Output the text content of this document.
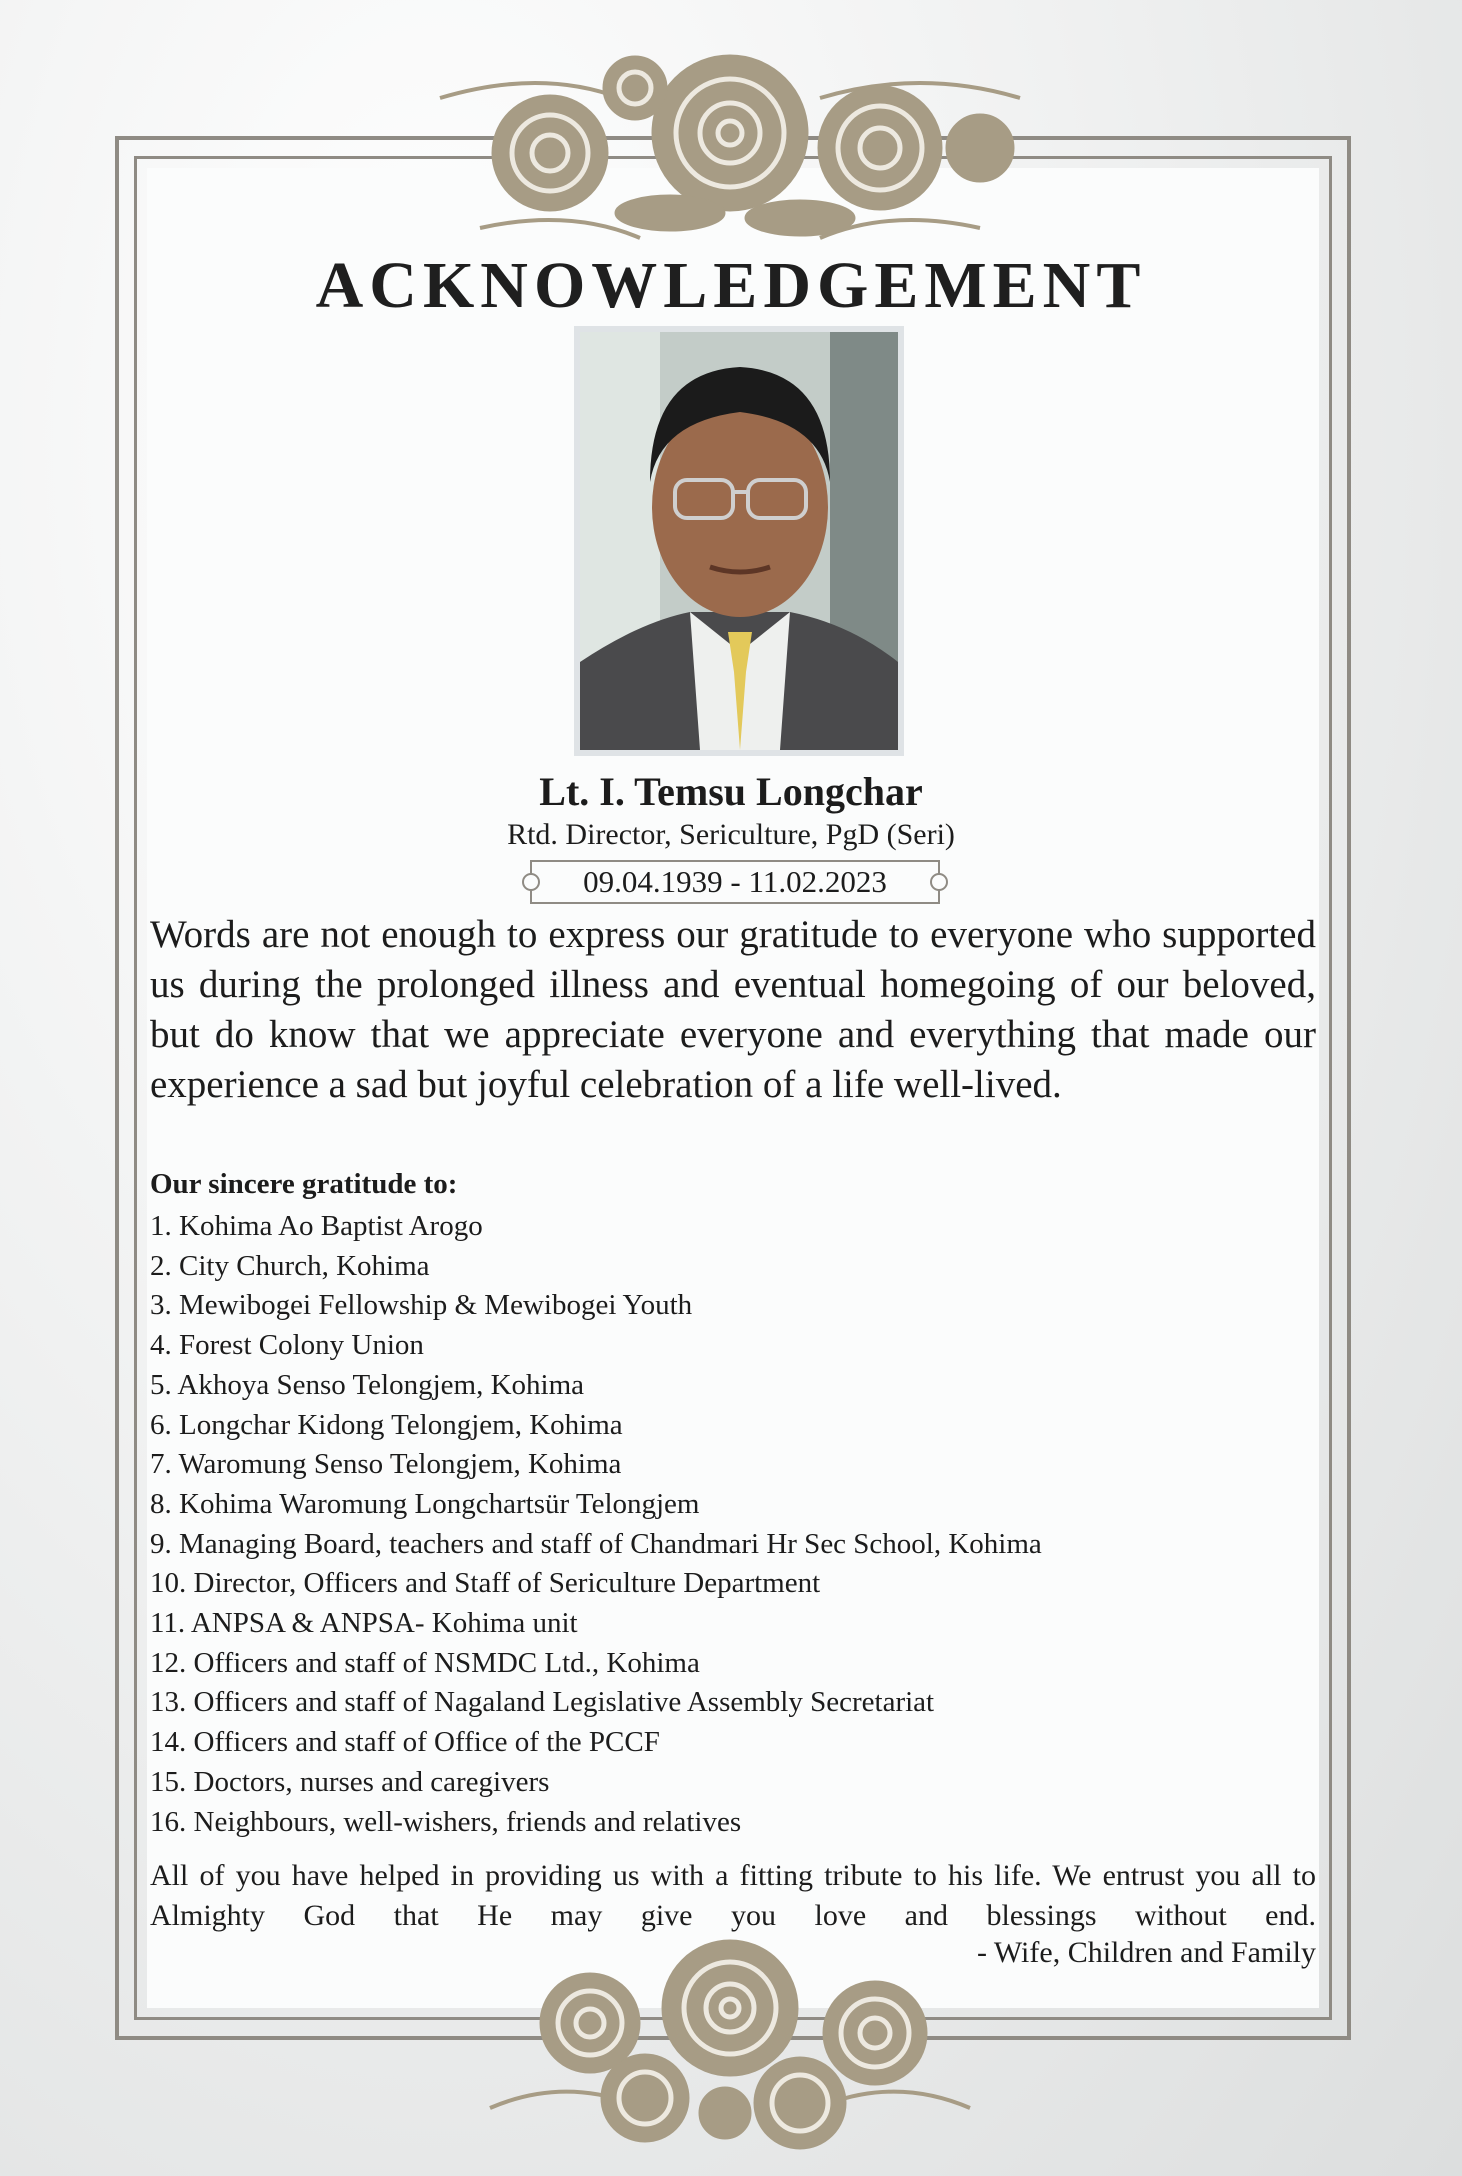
ACKNOWLEDGEMENT
Lt. I. Temsu Longchar
Rtd. Director, Sericulture, PgD (Seri)
09.04.1939 - 11.02.2023
Words are not enough to express our gratitude to everyone who supported us during the prolonged illness and eventual homegoing of our beloved, but do know that we appreciate everyone and everything that made our experience a sad but joyful celebration of a life well-lived.
Our sincere gratitude to:
1. Kohima Ao Baptist Arogo
2. City Church, Kohima
3. Mewibogei Fellowship & Mewibogei Youth
4. Forest Colony Union
5. Akhoya Senso Telongjem, Kohima
6. Longchar Kidong Telongjem, Kohima
7. Waromung Senso Telongjem, Kohima
8. Kohima Waromung Longchartsür Telongjem
9. Managing Board, teachers and staff of Chandmari Hr Sec School, Kohima
10. Director, Officers and Staff of Sericulture Department
11. ANPSA & ANPSA- Kohima unit
12. Officers and staff of NSMDC Ltd., Kohima
13. Officers and staff of Nagaland Legislative Assembly Secretariat
14. Officers and staff of Office of the PCCF
15. Doctors, nurses and caregivers
16. Neighbours, well-wishers, friends and relatives
All of you have helped in providing us with a fitting tribute to his life. We entrust you all to Almighty God that He may give you love and blessings without end.
- Wife, Children and Family
